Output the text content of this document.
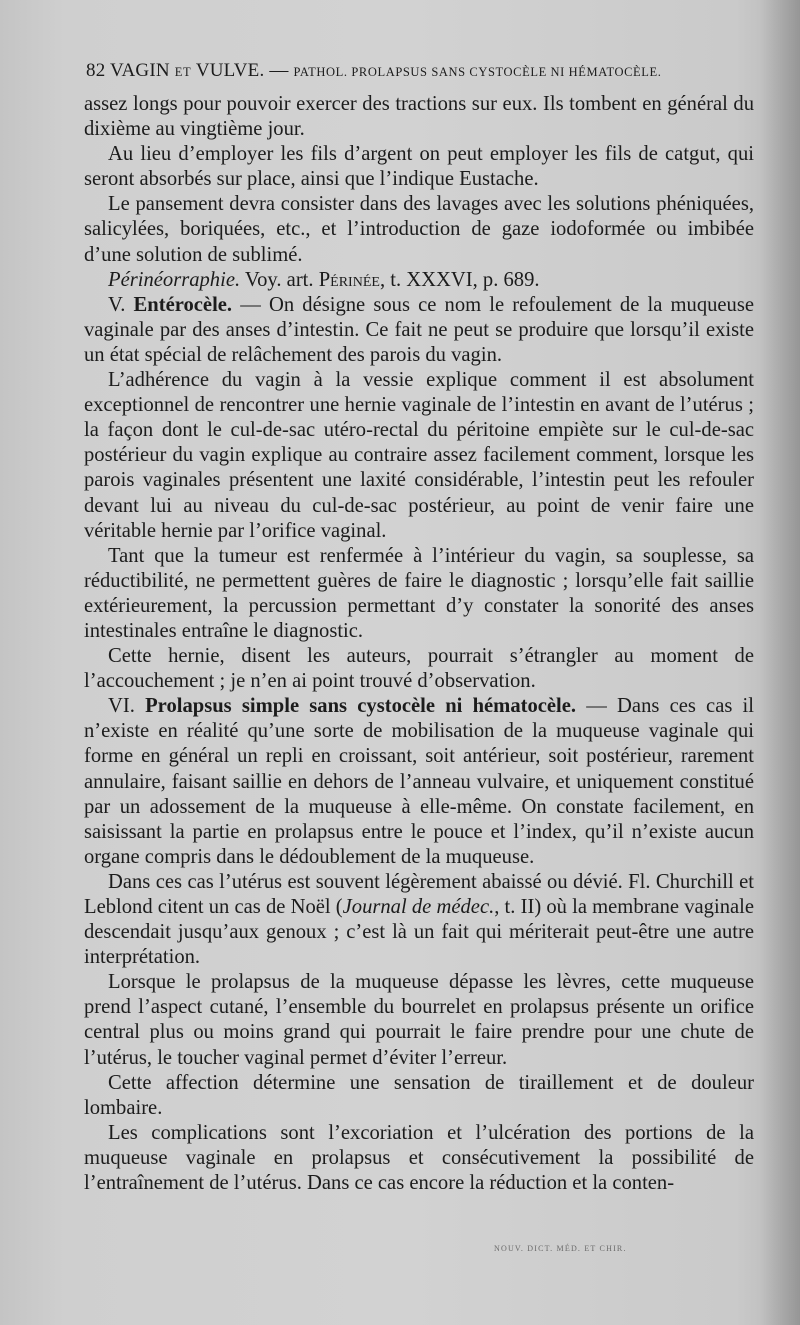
82 VAGIN ET VULVE. — PATHOL. PROLAPSUS SANS CYSTOCÈLE NI HÉMATOCÈLE.

assez longs pour pouvoir exercer des tractions sur eux. Ils tombent en général du dixième au vingtième jour.

Au lieu d’employer les fils d’argent on peut employer les fils de catgut, qui seront absorbés sur place, ainsi que l’indique Eustache.

Le pansement devra consister dans des lavages avec les solutions phéniquées, salicylées, boriquées, etc., et l’introduction de gaze iodoformée ou imbibée d’une solution de sublimé.

Périnéorraphie. Voy. art. Périnée, t. XXXVI, p. 689.

V. Entérocèle. — On désigne sous ce nom le refoulement de la muqueuse vaginale par des anses d’intestin. Ce fait ne peut se produire que lorsqu’il existe un état spécial de relâchement des parois du vagin.

L’adhérence du vagin à la vessie explique comment il est absolument exceptionnel de rencontrer une hernie vaginale de l’intestin en avant de l’utérus ; la façon dont le cul-de-sac utéro-rectal du péritoine empiète sur le cul-de-sac postérieur du vagin explique au contraire assez facilement comment, lorsque les parois vaginales présentent une laxité considérable, l’intestin peut les refouler devant lui au niveau du cul-de-sac postérieur, au point de venir faire une véritable hernie par l’orifice vaginal.

Tant que la tumeur est renfermée à l’intérieur du vagin, sa souplesse, sa réductibilité, ne permettent guères de faire le diagnostic ; lorsqu’elle fait saillie extérieurement, la percussion permettant d’y constater la sonorité des anses intestinales entraîne le diagnostic.

Cette hernie, disent les auteurs, pourrait s’étrangler au moment de l’accouchement ; je n’en ai point trouvé d’observation.

VI. Prolapsus simple sans cystocèle ni hématocèle. — Dans ces cas il n’existe en réalité qu’une sorte de mobilisation de la muqueuse vaginale qui forme en général un repli en croissant, soit antérieur, soit postérieur, rarement annulaire, faisant saillie en dehors de l’anneau vulvaire, et uniquement constitué par un adossement de la muqueuse à elle-même. On constate facilement, en saisissant la partie en prolapsus entre le pouce et l’index, qu’il n’existe aucun organe compris dans le dédoublement de la muqueuse.

Dans ces cas l’utérus est souvent légèrement abaissé ou dévié. Fl. Churchill et Leblond citent un cas de Noël (Journal de médec., t. II) où la membrane vaginale descendait jusqu’aux genoux ; c’est là un fait qui mériterait peut-être une autre interprétation.

Lorsque le prolapsus de la muqueuse dépasse les lèvres, cette muqueuse prend l’aspect cutané, l’ensemble du bourrelet en prolapsus présente un orifice central plus ou moins grand qui pourrait le faire prendre pour une chute de l’utérus, le toucher vaginal permet d’éviter l’erreur.

Cette affection détermine une sensation de tiraillement et de douleur lombaire.

Les complications sont l’excoriation et l’ulcération des portions de la muqueuse vaginale en prolapsus et consécutivement la possibilité de l’entraînement de l’utérus. Dans ce cas encore la réduction et la conten-

NOUV. DICT. MÉD. ET CHIR.
